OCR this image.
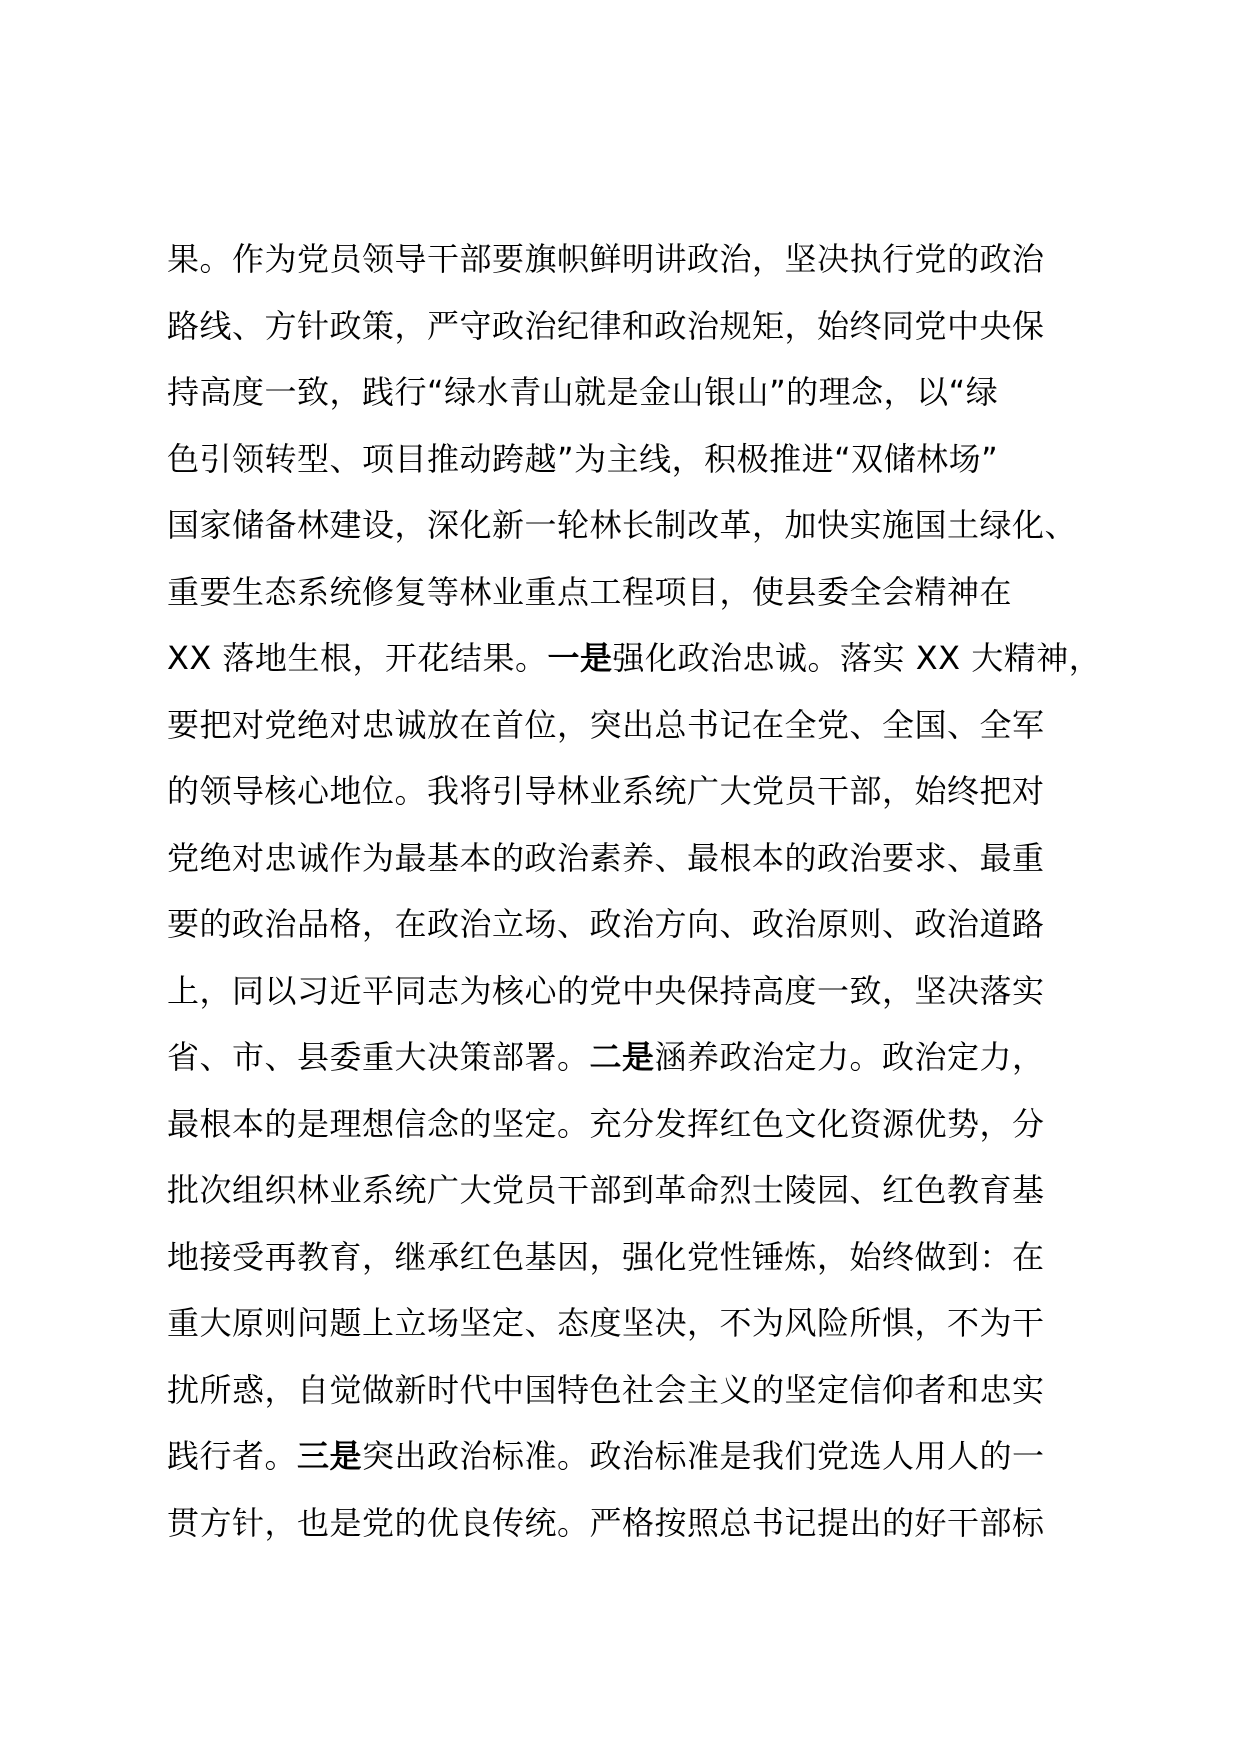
果。作为党员领导干部要旗帜鲜明讲政治，坚决执行党的政治
路线、方针政策，严守政治纪律和政治规矩，始终同党中央保
持高度一致，践行“绿水青山就是金山银山”的理念，以“绿
色引领转型、项目推动跨越”为主线，积极推进“双储林场”
国家储备林建设，深化新一轮林长制改革，加快实施国土绿化、
重要生态系统修复等林业重点工程项目，使县委全会精神在
XX 落地生根，开花结果。一是强化政治忠诚。落实 XX 大精神，
要把对党绝对忠诚放在首位，突出总书记在全党、全国、全军
的领导核心地位。我将引导林业系统广大党员干部，始终把对
党绝对忠诚作为最基本的政治素养、最根本的政治要求、最重
要的政治品格，在政治立场、政治方向、政治原则、政治道路
上，同以习近平同志为核心的党中央保持高度一致，坚决落实
省、市、县委重大决策部署。二是涵养政治定力。政治定力，
最根本的是理想信念的坚定。充分发挥红色文化资源优势，分
批次组织林业系统广大党员干部到革命烈士陵园、红色教育基
地接受再教育，继承红色基因，强化党性锤炼，始终做到：在
重大原则问题上立场坚定、态度坚决，不为风险所惧，不为干
扰所惑，自觉做新时代中国特色社会主义的坚定信仰者和忠实
践行者。三是突出政治标准。政治标准是我们党选人用人的一
贯方针，也是党的优良传统。严格按照总书记提出的好干部标
